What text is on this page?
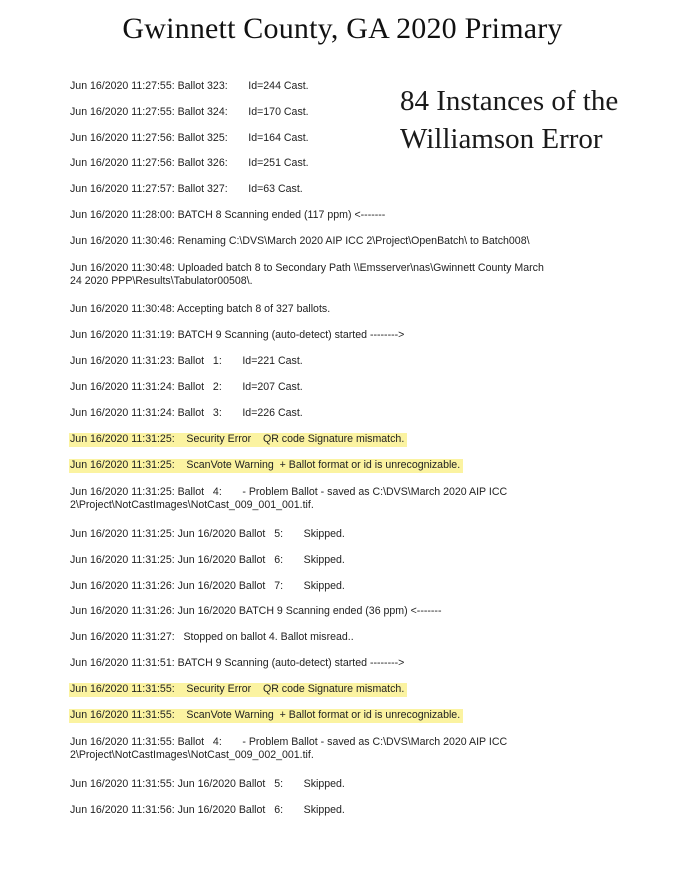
Gwinnett County, GA 2020 Primary
84 Instances of the
Williamson Error
Jun 16/2020 11:27:55: Ballot 323:       Id=244 Cast.
Jun 16/2020 11:27:55: Ballot 324:       Id=170 Cast.
Jun 16/2020 11:27:56: Ballot 325:       Id=164 Cast.
Jun 16/2020 11:27:56: Ballot 326:       Id=251 Cast.
Jun 16/2020 11:27:57: Ballot 327:       Id=63 Cast.
Jun 16/2020 11:28:00: BATCH 8 Scanning ended (117 ppm) <-------
Jun 16/2020 11:30:46: Renaming C:\DVS\March 2020 AIP ICC 2\Project\OpenBatch\ to Batch008\
Jun 16/2020 11:30:48: Uploaded batch 8 to Secondary Path \\Emsserver\nas\Gwinnett County March
24 2020 PPP\Results\Tabulator00508\.
Jun 16/2020 11:30:48: Accepting batch 8 of 327 ballots.
Jun 16/2020 11:31:19: BATCH 9 Scanning (auto-detect) started -------->
Jun 16/2020 11:31:23: Ballot   1:       Id=221 Cast.
Jun 16/2020 11:31:24: Ballot   2:       Id=207 Cast.
Jun 16/2020 11:31:24: Ballot   3:       Id=226 Cast.
Jun 16/2020 11:31:25:    Security Error    QR code Signature mismatch.
Jun 16/2020 11:31:25:    ScanVote Warning  + Ballot format or id is unrecognizable.
Jun 16/2020 11:31:25: Ballot   4:       - Problem Ballot - saved as C:\DVS\March 2020 AIP ICC
2\Project\NotCastImages\NotCast_009_001_001.tif.
Jun 16/2020 11:31:25: Jun 16/2020 Ballot   5:       Skipped.
Jun 16/2020 11:31:25: Jun 16/2020 Ballot   6:       Skipped.
Jun 16/2020 11:31:26: Jun 16/2020 Ballot   7:       Skipped.
Jun 16/2020 11:31:26: Jun 16/2020 BATCH 9 Scanning ended (36 ppm) <-------
Jun 16/2020 11:31:27:   Stopped on ballot 4. Ballot misread..
Jun 16/2020 11:31:51: BATCH 9 Scanning (auto-detect) started -------->
Jun 16/2020 11:31:55:    Security Error    QR code Signature mismatch.
Jun 16/2020 11:31:55:    ScanVote Warning  + Ballot format or id is unrecognizable.
Jun 16/2020 11:31:55: Ballot   4:       - Problem Ballot - saved as C:\DVS\March 2020 AIP ICC
2\Project\NotCastImages\NotCast_009_002_001.tif.
Jun 16/2020 11:31:55: Jun 16/2020 Ballot   5:       Skipped.
Jun 16/2020 11:31:56: Jun 16/2020 Ballot   6:       Skipped.
